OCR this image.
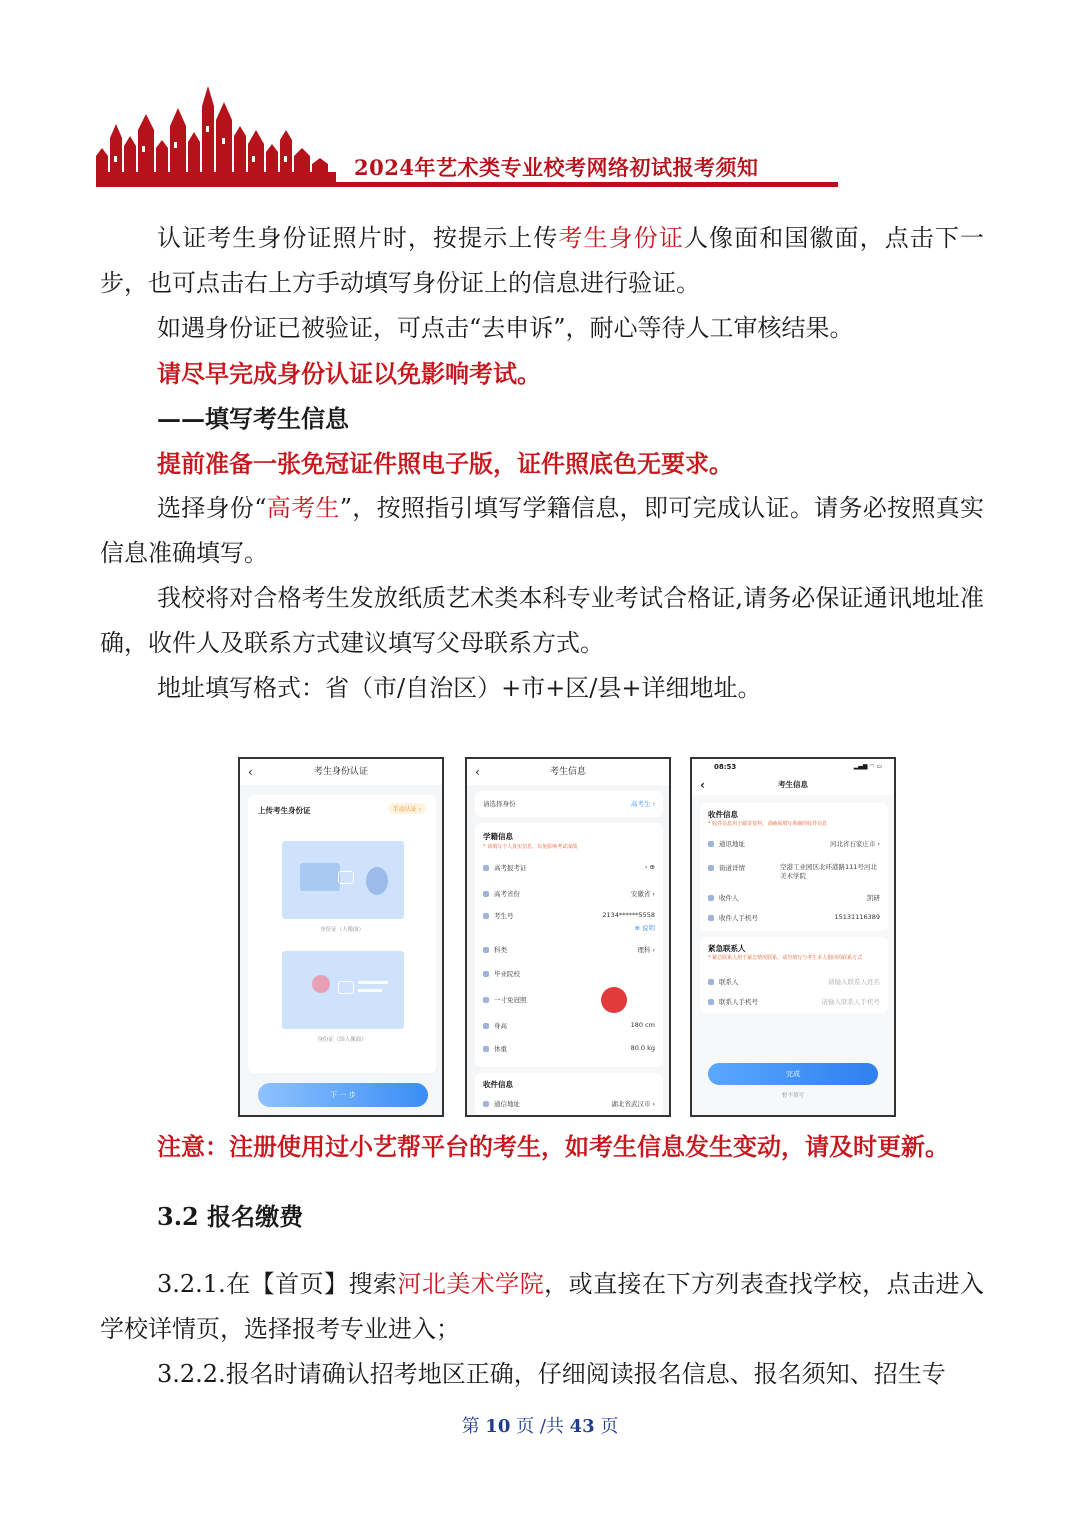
2024年艺术类专业校考网络初试报考须知

认证考生身份证照片时，按提示上传考生身份证人像面和国徽面，点击下一步，也可点击右上方手动填写身份证上的信息进行验证。

如遇身份证已被验证，可点击“去申诉”，耐心等待人工审核结果。

请尽早完成身份认证以免影响考试。

——填写考生信息

提前准备一张免冠证件照电子版，证件照底色无要求。

选择身份“高考生”，按照指引填写学籍信息，即可完成认证。请务必按照真实信息准确填写。

我校将对合格考生发放纸质艺术类本科专业考试合格证,请务必保证通讯地址准确，收件人及联系方式建议填写父母联系方式。

地址填写格式：省（市/自治区）+市+区/县+详细地址。

‹	考生身份认证
上传考生身份证	手动认证 ›
身份证（人像面）
身份证（国人像面）
下 一 步
‹	考生信息
请选择身份	高考生 ›
学籍信息
* 请填写个人真实信息，以免影响考试成绩
高考报考证	› ⊕
高考省份	安徽省 ›
考生号	2134******5558
⊕ 说明
科类	理科 ›
毕业院校
一寸免冠照
身高	180 cm
体重	80.0 kg
收件信息
通信地址	湖北省武汉市 ›
08:53	▂▄▆ ◠ ▭
‹	考生信息
收件信息
* 收件信息用于邮寄资料，请确保填写准确的收件信息
通讯地址	河北省石家庄市 ›
街道详情	空港工业园区北环港路111号河北美术学院
收件人	凯研
收件人手机号	15131116389
紧急联系人
* 紧急联系人用于紧急情况联系，请勿填写与考生本人相同的联系方式
联系人	请输入联系人姓名
联系人手机号	请输入联系人手机号
完成
暂不填写

注意：注册使用过小艺帮平台的考生，如考生信息发生变动，请及时更新。

3.2 报名缴费

3.2.1.在【首页】搜索河北美术学院，或直接在下方列表查找学校，点击进入学校详情页，选择报考专业进入；

3.2.2.报名时请确认招考地区正确，仔细阅读报名信息、报名须知、招生专

第 10 页 /共 43 页
